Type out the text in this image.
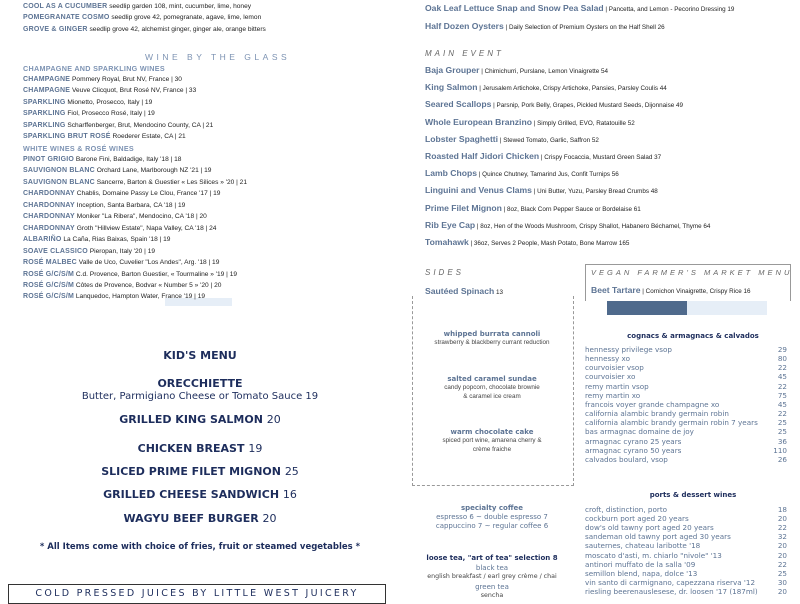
WINE BY THE GLASS
CHAMPAGNE AND SPARKLING WINES
WHITE WINES & ROSÉ WINES
MAIN EVENT
SIDES
Sautéed Spinach 13
VEGAN FARMER'S MARKET MENU
Beet Tartare | Cornichon Vinaigrette, Crispy Rice 16
KID'S MENU
ORECCHIETTE
Butter, Parmigiano Cheese or Tomato Sauce 19
* All Items come with choice of fries, fruit or steamed vegetables *
COLD PRESSED JUICES BY LITTLE WEST JUICERY
cognacs & armagnacs & calvados
ports & dessert wines
specialty coffee
espresso 6 ~ double espresso 7
cappuccino 7 ~ regular coffee 6
loose tea, "art of tea" selection 8
black tea
english breakfast / earl grey crème / chai
green tea
sencha
COOL AS A CUCUMBER seedlip garden 108, mint, cucumber, lime, honey
POMEGRANATE COSMO seedlip grove 42, pomegranate, agave, lime, lemon
GROVE & GINGER seedlip grove 42, alchemist ginger, ginger ale, orange bitters
CHAMPAGNE Pommery Royal, Brut NV, France | 30
CHAMPAGNE Veuve Clicquot, Brut Rosé NV, France | 33
SPARKLING Mionetto, Prosecco, Italy | 19
SPARKLING Fiol, Prosecco Rosé, Italy | 19
SPARKLING Scharffenberger, Brut, Mendocino County, CA | 21
SPARKLING BRUT ROSÉ Roederer Estate, CA | 21
PINOT GRIGIO Barone Fini, Baldadige, Italy '18 | 18
SAUVIGNON BLANC Orchard Lane, Marlborough NZ '21 | 19
SAUVIGNON BLANC Sancerre, Barton & Guestier « Les Silices » '20 | 21
CHARDONNAY Chablis, Domaine Passy Le Clou, France '17 | 19
CHARDONNAY Inception, Santa Barbara, CA '18 | 19
CHARDONNAY Moniker "La Ribera", Mendocino, CA '18 | 20
CHARDONNAY Groth "Hillview Estate", Napa Valley, CA '18 | 24
ALBARIÑO La Caña, Rias Baixas, Spain '18 | 19
SOAVE CLASSICO Pieropan, Italy '20 | 19
ROSÉ MALBEC Valle de Uco, Cuvelier "Los Andes", Arg. '18 | 19
ROSÉ G/C/S/M C.d. Provence, Barton Guestier, « Tourmaline » '19 | 19
ROSÉ G/C/S/M Côtes de Provence, Bodvar « Number 5 » '20 | 20
ROSÉ G/C/S/M Lanquedoc, Hampton Water, France '19 | 19
Oak Leaf Lettuce Snap and Snow Pea Salad | Pancetta, and Lemon - Pecorino Dressing 19
Half Dozen Oysters | Daily Selection of Premium Oysters on the Half Shell 26
Baja Grouper | Chimichurri, Purslane, Lemon Vinaigrette 54
King Salmon | Jerusalem Artichoke, Crispy Artichoke, Pansies, Parsley Coulis 44
Seared Scallops | Parsnip, Pork Belly, Grapes, Pickled Mustard Seeds, Dijonnaise 49
Whole European Branzino | Simply Grilled, EVO, Ratatouille 52
Lobster Spaghetti | Stewed Tomato, Garlic, Saffron 52
Roasted Half Jidori Chicken | Crispy Focaccia, Mustard Green Salad 37
Lamb Chops | Quince Chutney, Tamarind Jus, Confit Turnips 56
Linguini and Venus Clams | Uni Butter, Yuzu, Parsley Bread Crumbs 48
Prime Filet Mignon | 8oz, Black Corn Pepper Sauce or Bordelaise 61
Rib Eye Cap | 8oz, Hen of the Woods Mushroom, Crispy Shallot, Habanero Béchamel, Thyme 64
Tomahawk | 36oz, Serves 2 People, Mash Potato, Bone Marrow 165
GRILLED KING SALMON 20
CHICKEN BREAST 19
SLICED PRIME FILET MIGNON 25
GRILLED CHEESE SANDWICH 16
WAGYU BEEF BURGER 20
whipped burrata cannoli
strawberry & blackberry currant reduction
salted caramel sundae
candy popcorn, chocolate brownie
& caramel ice cream
warm chocolate cake
spiced port wine, amarena cherry &
crème fraiche
hennessy privilege vsop	29
hennessy xo	80
courvoisier vsop	22
courvoisier xo	45
remy martin vsop	22
remy martin xo	75
francois voyer grande champagne xo	45
california alambic brandy germain robin	22
california alambic brandy germain robin 7 years	25
bas armagnac domaine de joy	25
armagnac cyrano 25 years	36
armagnac cyrano 50 years	110
calvados boulard, vsop	26
croft, distinction, porto	18
cockburn port aged 20 years	20
dow's old tawny port aged 20 years	22
sandeman old tawny port aged 30 years	32
sauternes, chateau laribotte '18	20
moscato d'asti, m. chiarlo "nivole" '13	20
antinori muffato de la salla '09	22
semillon blend, napa, dolce '13	25
vin santo di carmignano, capezzana riserva '12	30
riesling beerenauslesese, dr. loosen '17 (187ml)	20
